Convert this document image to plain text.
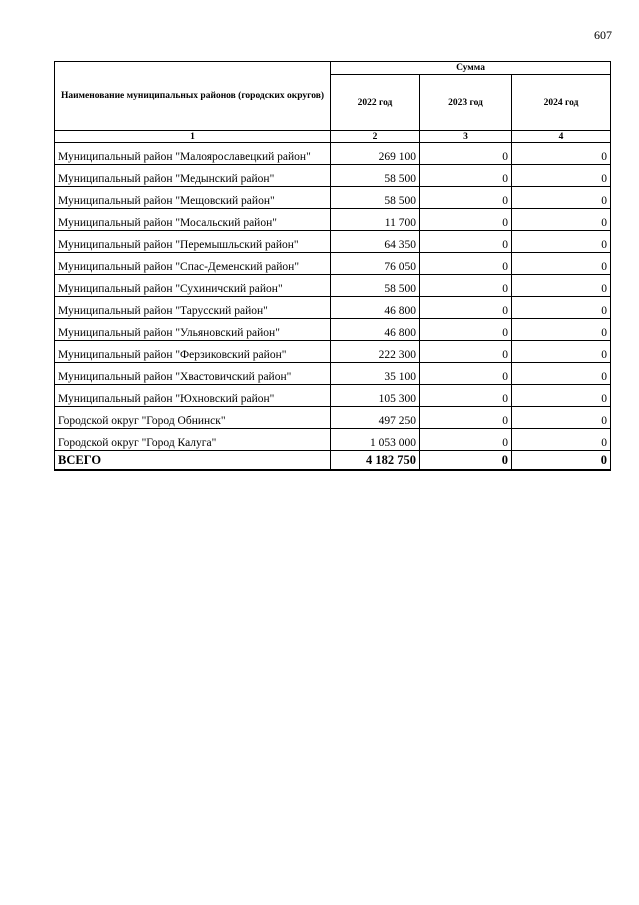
607
Наименование муниципальных районов (городских округов)	Сумма		
	2022 год	2023 год	2024 год
1	2	3	4
Муниципальный район "Малоярославецкий район"	269 100	0	0
Муниципальный район "Медынский район"	58 500	0	0
Муниципальный район "Мещовский район"	58 500	0	0
Муниципальный район "Мосальский район"	11 700	0	0
Муниципальный район "Перемышльский район"	64 350	0	0
Муниципальный район "Спас-Деменский район"	76 050	0	0
Муниципальный район "Сухиничский район"	58 500	0	0
Муниципальный район "Тарусский район"	46 800	0	0
Муниципальный район "Ульяновский район"	46 800	0	0
Муниципальный район "Ферзиковский район"	222 300	0	0
Муниципальный район "Хвастовичский район"	35 100	0	0
Муниципальный район "Юхновский район"	105 300	0	0
Городской округ "Город Обнинск"	497 250	0	0
Городской округ "Город Калуга"	1 053 000	0	0
ВСЕГО	4 182 750	0	0
